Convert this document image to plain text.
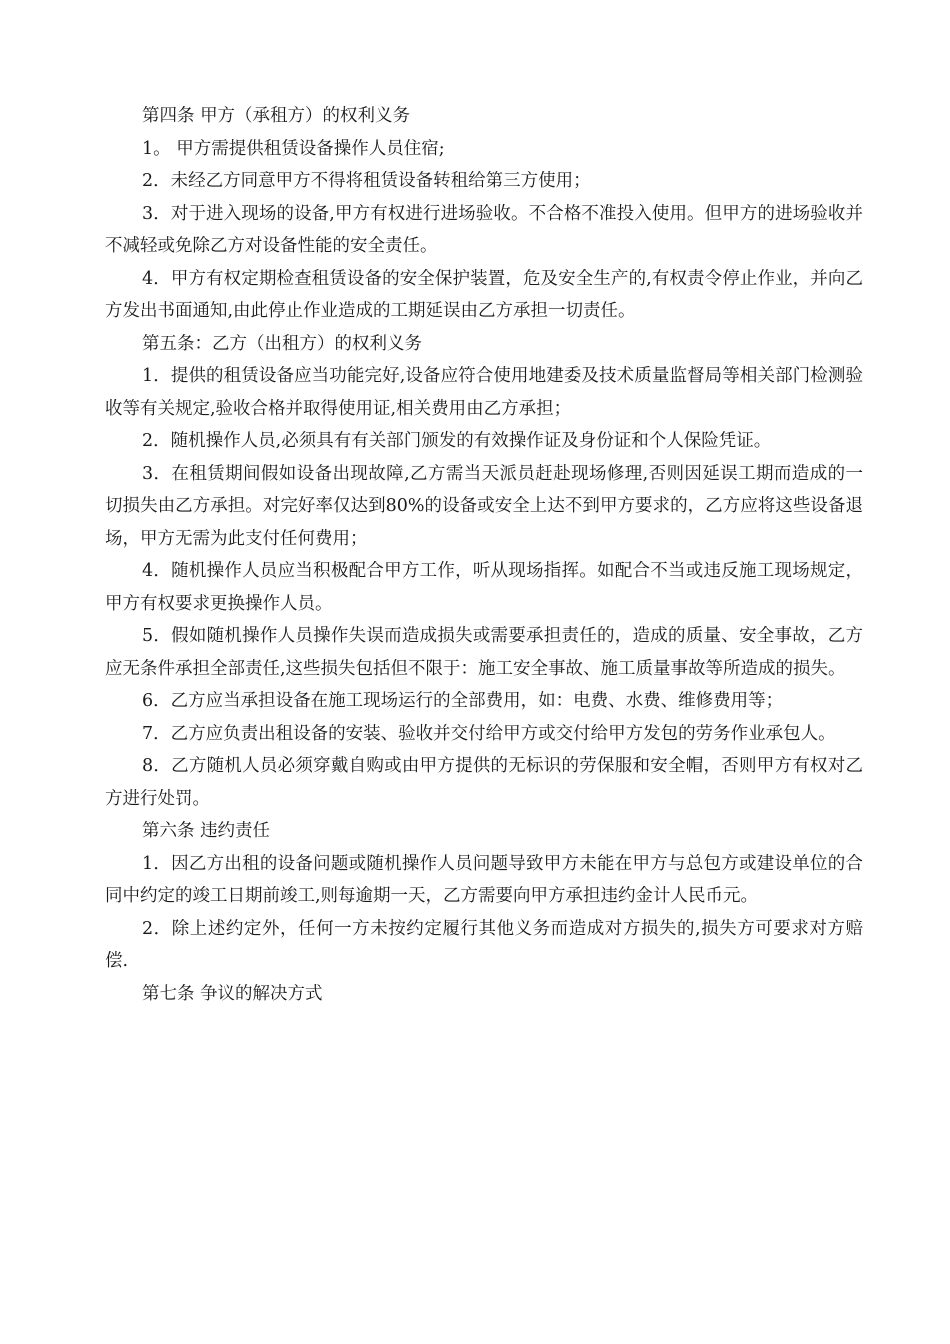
第四条 甲方（承租方）的权利义务

1。 甲方需提供租赁设备操作人员住宿;

2．未经乙方同意甲方不得将租赁设备转租给第三方使用；

3．对于进入现场的设备,甲方有权进行进场验收。不合格不准投入使用。但甲方的进场验收并不减轻或免除乙方对设备性能的安全责任。

4．甲方有权定期检查租赁设备的安全保护装置，危及安全生产的,有权责令停止作业，并向乙方发出书面通知,由此停止作业造成的工期延误由乙方承担一切责任。

第五条：乙方（出租方）的权利义务

1．提供的租赁设备应当功能完好,设备应符合使用地建委及技术质量监督局等相关部门检测验收等有关规定,验收合格并取得使用证,相关费用由乙方承担；

2．随机操作人员,必须具有有关部门颁发的有效操作证及身份证和个人保险凭证。

3．在租赁期间假如设备出现故障,乙方需当天派员赶赴现场修理,否则因延误工期而造成的一切损失由乙方承担。对完好率仅达到80%的设备或安全上达不到甲方要求的，乙方应将这些设备退场，甲方无需为此支付任何费用；

4．随机操作人员应当积极配合甲方工作，听从现场指挥。如配合不当或违反施工现场规定，甲方有权要求更换操作人员。

5．假如随机操作人员操作失误而造成损失或需要承担责任的，造成的质量、安全事故，乙方应无条件承担全部责任,这些损失包括但不限于：施工安全事故、施工质量事故等所造成的损失。

6．乙方应当承担设备在施工现场运行的全部费用，如：电费、水费、维修费用等；

7．乙方应负责出租设备的安装、验收并交付给甲方或交付给甲方发包的劳务作业承包人。

8．乙方随机人员必须穿戴自购或由甲方提供的无标识的劳保服和安全帽，否则甲方有权对乙方进行处罚。

第六条 违约责任

1．因乙方出租的设备问题或随机操作人员问题导致甲方未能在甲方与总包方或建设单位的合同中约定的竣工日期前竣工,则每逾期一天，乙方需要向甲方承担违约金计人民币元。

2．除上述约定外，任何一方未按约定履行其他义务而造成对方损失的,损失方可要求对方赔偿.

第七条 争议的解决方式
